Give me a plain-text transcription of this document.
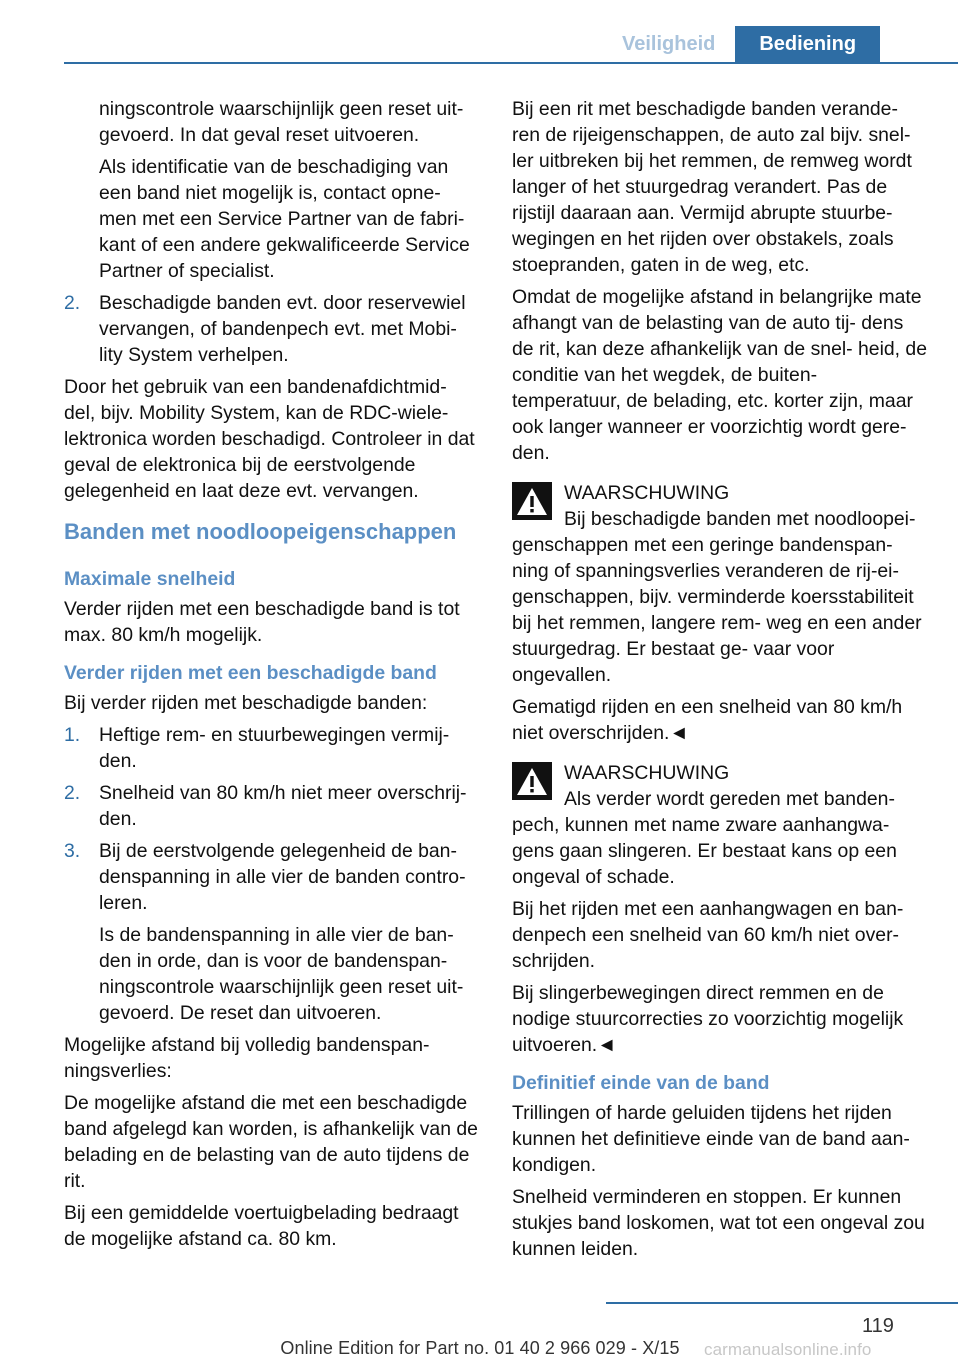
Veiligheid	Bediening

ningscontrole waarschijnlijk geen reset uit‐ gevoerd. In dat geval reset uitvoeren.

Als identificatie van de beschadiging van een band niet mogelijk is, contact opne‐ men met een Service Partner van de fabri‐ kant of een andere gekwalificeerde Service Partner of specialist.

2. Beschadigde banden evt. door reservewiel vervangen, of bandenpech evt. met Mobi‐ lity System verhelpen.

Door het gebruik van een bandenafdichtmid‐ del, bijv. Mobility System, kan de RDC-wiele‐ lektronica worden beschadigd. Controleer in dat geval de elektronica bij de eerstvolgende gelegenheid en laat deze evt. vervangen.

Banden met noodloopeigenschappen
Maximale snelheid

Verder rijden met een beschadigde band is tot max. 80 km/h mogelijk.

Verder rijden met een beschadigde band

Bij verder rijden met beschadigde banden:

1. Heftige rem- en stuurbewegingen vermij‐ den.
2. Snelheid van 80 km/h niet meer overschrij‐ den.
3. Bij de eerstvolgende gelegenheid de ban‐ denspanning in alle vier de banden contro‐ leren.

Is de bandenspanning in alle vier de ban‐ den in orde, dan is voor de bandenspan‐ ningscontrole waarschijnlijk geen reset uit‐ gevoerd. De reset dan uitvoeren.

Mogelijke afstand bij volledig bandenspan‐ ningsverlies:

De mogelijke afstand die met een beschadigde band afgelegd kan worden, is afhankelijk van de belading en de belasting van de auto tijdens de rit.

Bij een gemiddelde voertuigbelading bedraagt de mogelijke afstand ca. 80 km.

Bij een rit met beschadigde banden verande‐ ren de rijeigenschappen, de auto zal bijv. snel‐ ler uitbreken bij het remmen, de remweg wordt langer of het stuurgedrag verandert. Pas de rijstijl daaraan aan. Vermijd abrupte stuurbe‐ wegingen en het rijden over obstakels, zoals stoepranden, gaten in de weg, etc.

Omdat de mogelijke afstand in belangrijke mate afhangt van de belasting van de auto tij‐ dens de rit, kan deze afhankelijk van de snel‐ heid, de conditie van het wegdek, de buiten‐ temperatuur, de belading, etc. korter zijn, maar ook langer wanneer er voorzichtig wordt gere‐ den.

WAARSCHUWING
Bij beschadigde banden met noodloopei‐
genschappen met een geringe bandenspan‐ ning of spanningsverlies veranderen de rij-ei‐ genschappen, bijv. verminderde koersstabiliteit bij het remmen, langere rem‐ weg en een ander stuurgedrag. Er bestaat ge‐ vaar voor ongevallen.

Gematigd rijden en een snelheid van 80 km/h niet overschrijden.◄

WAARSCHUWING
Als verder wordt gereden met banden‐
pech, kunnen met name zware aanhangwa‐ gens gaan slingeren. Er bestaat kans op een ongeval of schade.

Bij het rijden met een aanhangwagen en ban‐ denpech een snelheid van 60 km/h niet over‐ schrijden.

Bij slingerbewegingen direct remmen en de nodige stuurcorrecties zo voorzichtig mogelijk uitvoeren.◄

Definitief einde van de band

Trillingen of harde geluiden tijdens het rijden kunnen het definitieve einde van de band aan‐ kondigen.

Snelheid verminderen en stoppen. Er kunnen stukjes band loskomen, wat tot een ongeval zou kunnen leiden.

119
Online Edition for Part no. 01 40 2 966 029 - X/15 carmanualsonline.info
